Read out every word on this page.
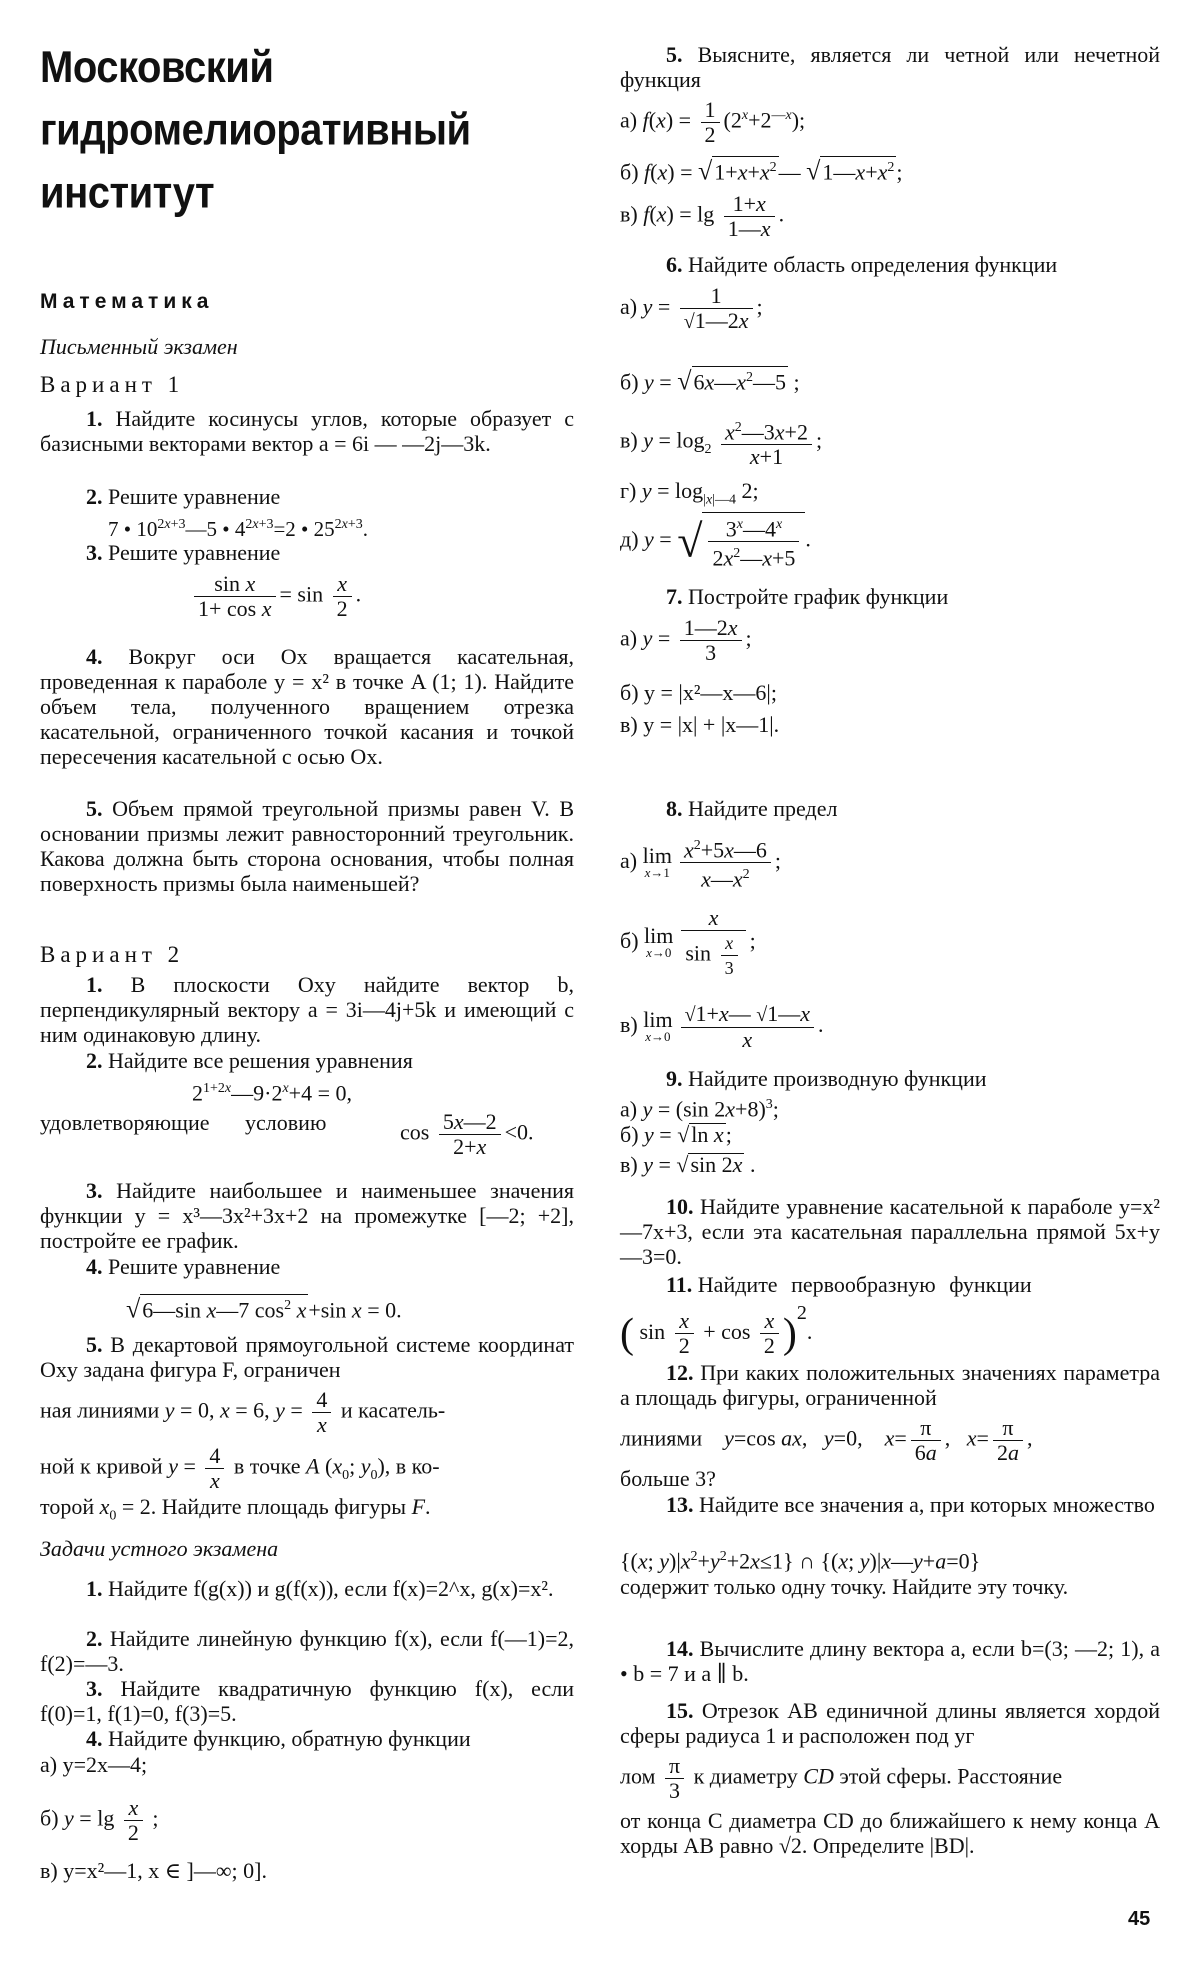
Московский
гидромелиоративный
институт
Математика
Письменный экзамен
Вариант 1
1. Найдите косинусы углов, которые образует с базисными векторами вектор a = 6i — —2j—3k.
2. Решите уравнение
7 • $10^{2x+3}—5$ • $4^{2x+3}=2$ • $25^{2x+3}$.
3. Решите уравнение
$\frac{\text{sin x}}{\text{1+ cos x}} = \sin \frac{x}{2}$ .
4. Вокруг оси Ox вращается касательная, проведенная к параболе y = x² в точке A (1; 1). Найдите объем тела, полученного вращением отрезка касательной, ограниченного точкой касания и точкой пересечения касательной с осью Ox.
5. Объем прямой треугольной призмы равен V. В основании призмы лежит равносторонний треугольник. Какова должна быть сторона основания, чтобы полная поверхность призмы была наименьшей?
Вариант 2
1. В плоскости Oxy найдите вектор b, перпендикулярный вектору a = 3i—4j+5k и имеющий с ним одинаковую длину.
2. Найдите все решения уравнения
$2^{1+2x}—9\cdot 2^x+4 = 0$,
удовлетворяющие условию	$\cos \frac{5x—2}{2+x} <0$.
3. Найдите наибольшее и наименьшее значения функции y = x³—3x²+3x+2 на промежутке [—2; +2], постройте ее график.
4. Решите уравнение
√6—sin x—7 $\cos^2 x+\sin$ x = 0.
5. В декартовой прямоугольной системе координат Oxy задана фигура F, ограничен
ная линиями y = 0, x = 6, $y = \frac{4}{x}$ и касатель-
ной к кривой $y = \frac{4}{x}$ в точке A ($x_0$; $y_0$), в ко-
торой $x_0 = 2$. Найдите площадь фигуры F.
Задачи устного экзамена
1. Найдите f(g(x)) и g(f(x)), если f(x)=2^x, g(x)=x².
2. Найдите линейную функцию f(x), если f(—1)=2, f(2)=—3.
3. Найдите квадратичную функцию f(x), если f(0)=1, f(1)=0, f(3)=5.
4. Найдите функцию, обратную функции
а) y=2x—4;
б) $y = \lg \frac{x}{2}$ ;
в) y=x²—1, x ∈ ]—∞; 0].
5. Выясните, является ли четной или нечетной функция
а) $f(x) = \frac{1}{2} (2^x+2^{—x})$;
б) $f(x) = √1+x+x^2—$ $√1—x+x^2$;
в) $f(x) = \lg \frac{1+x}{1—x}$ .
6. Найдите область определения функции
а) $y = \frac{1}{√1—2x}$ ;
б) $y = √6x—x^2—5$ ;
в) $y = \log_2 \frac{x^2—3x+2}{x+1}$ ;
г) $y = \log_{|x|—4} 2$;
д) y = √ $\frac{3^x—4^x}{2x^2—x+5}$ .
7. Постройте график функции
а) $y = \frac{1—2x}{3}$ ;
б) y = |x²—x—6|;
в) y = |x| + |x—1|.
8. Найдите предел
а) lim
$x\to 1 \frac{x^2+5x—6}{x—x^2}$ ;
б) lim
$x\to 0 \frac{x}{\sin \frac{x}{3}}$ ;
в) lim
$x\to 0 \frac{√1+x— √1—x}{x}$ .
9. Найдите производную функции
а) y = (sin 2x+8)$^3$;
б) y = √ln x;
в) y = √sin 2x .
10. Найдите уравнение касательной к параболе y=x²—7x+3, если эта касательная параллельна прямой 5x+y—3=0.
11. Найдите первообразную функции
( $\sin \frac{x}{2} + \cos \frac{x}{2} )^2$.
12. При каких положительных значениях параметра a площадь фигуры, ограниченной
линиями    y=cos ax,   y=0,    $x= \frac{\pi}{6a}$ ,   $x= \frac{\pi}{2a}$ ,
больше 3?
13. Найдите все значения a, при которых множество
{(x; $y)|x^2+y^2+2x\le 1$} ∩ {(x; y)|x—y+a=0}
содержит только одну точку. Найдите эту точку.
14. Вычислите длину вектора a, если b=(3; —2; 1), a • b = 7 и a ∥ b.
15. Отрезок AB единичной длины является хордой сферы радиуса 1 и расположен под уг
лом $\frac{\pi}{3}$ к диаметру CD этой сферы. Расстояние
от конца C диаметра CD до ближайшего к нему конца A хорды AB равно √2. Определите |BD|.
45
